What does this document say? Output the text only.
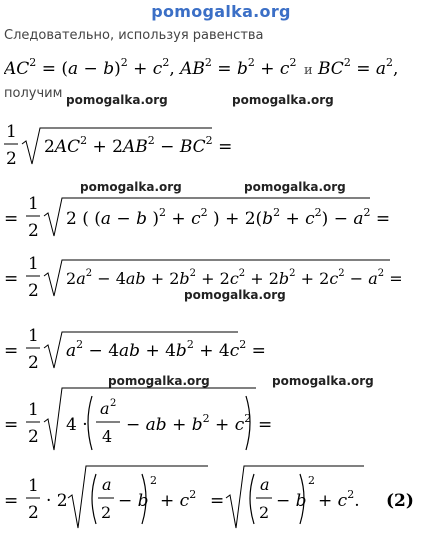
pomogalka.org
Следовательно, используя равенства
$AC^2 = (a - b)^2 + c^2$, $AB^2 = b^2 + c^2$
и $BC^2 = a^2$,
получим pomogalka.org	pomogalka.org
pomogalka.org	pomogalka.org
pomogalka.org
pomogalka.org	pomogalka.org
1
2
$2AC^2 + 2AB^2 - BC^2$ =
1/2 √(2AC² + 2AB² − BC²) =
=
1
2
2 ( (a − b )$^2 + c^2$ ) + $2(b^2 + c^2) - a^2$ =
= 1/2 √(2((a − b)² + c²) + 2(b² + c²) − a²) =
=
1
2
$2a^2 - 4ab + 2b^2 + 2c^2 + 2b^2 + 2c^2 - a^2$ =
= 1/2 √(2a² − 4ab + 2b² + 2c² + 2b² + 2c² − a²) =
=
1
2
$a^2 - 4ab + 4b^2 + 4c^2$ =
= 1/2 √(a² − 4ab + 4b² + 4c²) =
=
1
2
4 ·
a 2
4
− ab + $b^2 + c^2$ =
= 1/2 √(4·(a²/4 − ab + b² + c²)) =
=
1
2
· 2
a
2
− b
2
+ $c^2$ =
a
2
− b
2
+ $c^2$. (2)
= 1/2 · 2 √((a/2 − b)² + c²) = √((a/2 − b)² + c²).
